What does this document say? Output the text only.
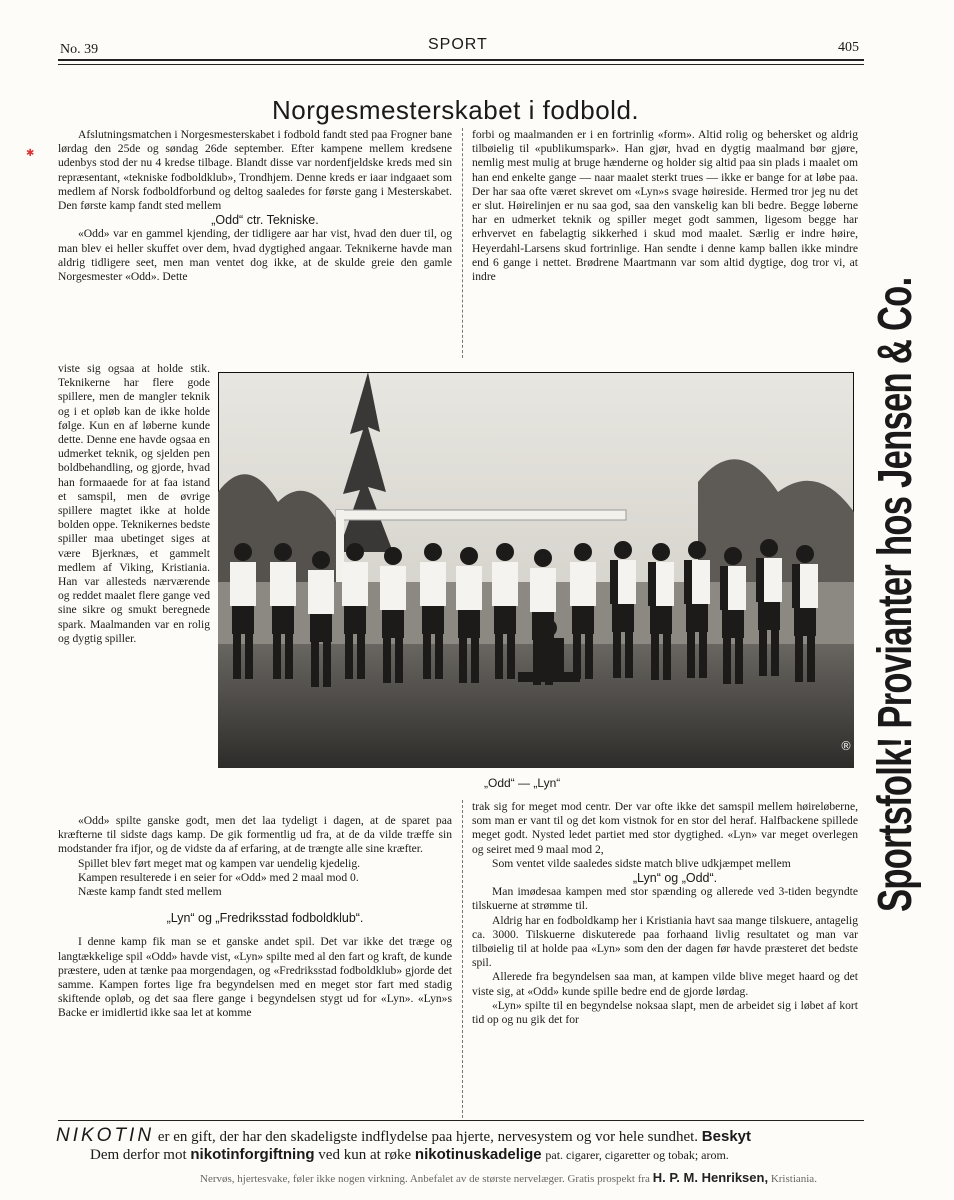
No. 39	SPORT	405
✱
Norgesmesterskabet i fodbold.

Afslutningsmatchen i Norgesmesterskabet i fodbold fandt sted paa Frogner bane lørdag den 25de og søndag 26de september. Efter kampene mellem kredsene udenbys stod der nu 4 kredse tilbage. Blandt disse var nordenfjeldske kreds med sin repræsentant, «tekniske fodboldklub», Trondhjem. Denne kreds er iaar indgaaet som medlem af Norsk fodboldforbund og deltog saaledes for første gang i Mesterskabet. Den første kamp fandt sted mellem

„Odd“ ctr. Tekniske.

«Odd» var en gammel kjending, der tidligere aar har vist, hvad den duer til, og man blev ei heller skuffet over dem, hvad dygtighed angaar. Teknikerne havde man aldrig tidligere seet, men man ventet dog ikke, at de skulde greie den gamle Norgesmester «Odd». Dette

viste sig ogsaa at holde stik. Teknikerne har flere gode spillere, men de mangler teknik og i et opløb kan de ikke holde følge. Kun en af løberne kunde dette. Denne ene havde ogsaa en udmerket teknik, og sjelden pen boldbehandling, og gjorde, hvad han formaaede for at faa istand et samspil, men de øvrige spillere magtet ikke at holde bolden oppe. Teknikernes bedste spiller maa ubetinget siges at være Bjerknæs, et gammelt medlem af Viking, Kristiania. Han var allesteds nærværende og reddet maalet flere gange ved sine sikre og smukt beregnede spark. Maalmanden var en rolig og dygtig spiller.

forbi og maalmanden er i en fortrinlig «form». Altid rolig og behersket og aldrig tilbøielig til «publikumspark». Han gjør, hvad en dygtig maalmand bør gjøre, nemlig mest mulig at bruge hænderne og holder sig altid paa sin plads i maalet om han end enkelte gange — naar maalet sterkt trues — ikke er bange for at løbe paa. Der har saa ofte været skrevet om «Lyn»s svage høireside. Hermed tror jeg nu det er slut. Høirelinjen er nu saa god, saa den vanskelig kan bli bedre. Begge løberne har en udmerket teknik og spiller meget godt sammen, ligesom begge har erhvervet en fabelagtig sikkerhed i skud mod maalet. Særlig er indre høire, Heyerdahl-Larsens skud fortrinlige. Han sendte i denne kamp ballen ikke mindre end 6 gange i nettet. Brødrene Maartmann var som altid dygtige, dog tror vi, at indre

®
„Odd“ — „Lyn“

trak sig for meget mod centr. Der var ofte ikke det samspil mellem høireløberne, som man er vant til og det kom vistnok for en stor del heraf. Halfbackene spillede meget godt. Nysted ledet partiet med stor dygtighed. «Lyn» var meget overlegen og seiret med 9 maal mod 2,

Som ventet vilde saaledes sidste match blive udkjæmpet mellem

„Lyn“ og „Odd“.

Man imødesaa kampen med stor spænding og allerede ved 3-tiden begyndte tilskuerne at strømme til.

Aldrig har en fodboldkamp her i Kristiania havt saa mange tilskuere, antagelig ca. 3000. Tilskuerne diskuterede paa forhaand livlig resultatet og man var tilbøielig til at holde paa «Lyn» som den der dagen før havde præsteret det bedste spil.

Allerede fra begyndelsen saa man, at kampen vilde blive meget haard og det viste sig, at «Odd» kunde spille bedre end de gjorde lørdag.

«Lyn» spilte til en begyndelse noksaa slapt, men de arbeidet sig i løbet af kort tid op og nu gik det for

«Odd» spilte ganske godt, men det laa tydeligt i dagen, at de sparet paa kræfterne til sidste dags kamp. De gik formentlig ud fra, at de da vilde træffe sin modstander fra ifjor, og de vidste da af erfaring, at de trængte alle sine kræfter.

Spillet blev ført meget mat og kampen var uendelig kjedelig.

Kampen resulterede i en seier for «Odd» med 2 maal mod 0.

Næste kamp fandt sted mellem

„Lyn“ og „Fredriksstad fodboldklub“.

I denne kamp fik man se et ganske andet spil. Det var ikke det træge og langtækkelige spil «Odd» havde vist, «Lyn» spilte med al den fart og kraft, de kunde præstere, uden at tænke paa morgendagen, og «Fredriksstad fodboldklub» gjorde det samme. Kampen fortes lige fra begyndelsen med en meget stor fart med stadig skiftende opløb, og det saa flere gange i begyndelsen stygt ud for «Lyn». «Lyn»s Backe er imidlertid ikke saa let at komme

Sportsfolk! Provianter hos Jensen & Co.
NIKOTIN er en gift, der har den skadeligste indflydelse paa hjerte, nervesystem og vor hele sundhet. Beskyt
Dem derfor mot nikotinforgiftning ved kun at røke nikotinuskadelige pat. cigarer, cigaretter og tobak; arom.
Nervøs, hjertesvake, føler ikke nogen virkning. Anbefalet av de største nervelæger. Gratis prospekt fra H. P. M. Henriksen, Kristiania.
